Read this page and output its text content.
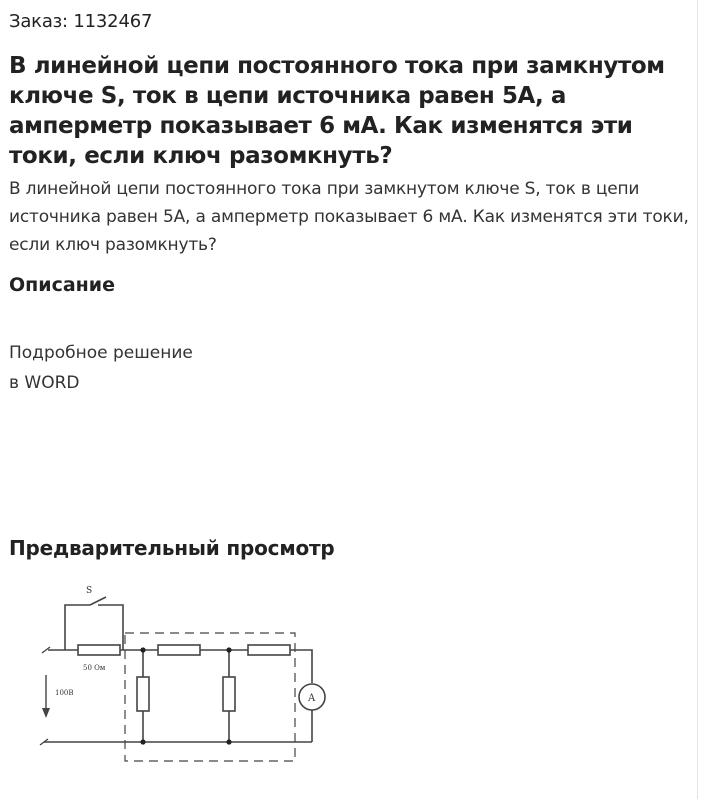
Заказ: 1132467
В линейной цепи постоянного тока при замкнутом ключе S, ток в цепи источника равен 5А, а амперметр показывает 6 мА. Как изменятся эти токи, если ключ разомкнуть?
В линейной цепи постоянного тока при замкнутом ключе S, ток в цепи источника равен 5А, а амперметр показывает 6 мА. Как изменятся эти токи, если ключ разомкнуть?
Описание
Подробное решение
в WORD
Предварительный просмотр
S
50 Ом
100В	A
